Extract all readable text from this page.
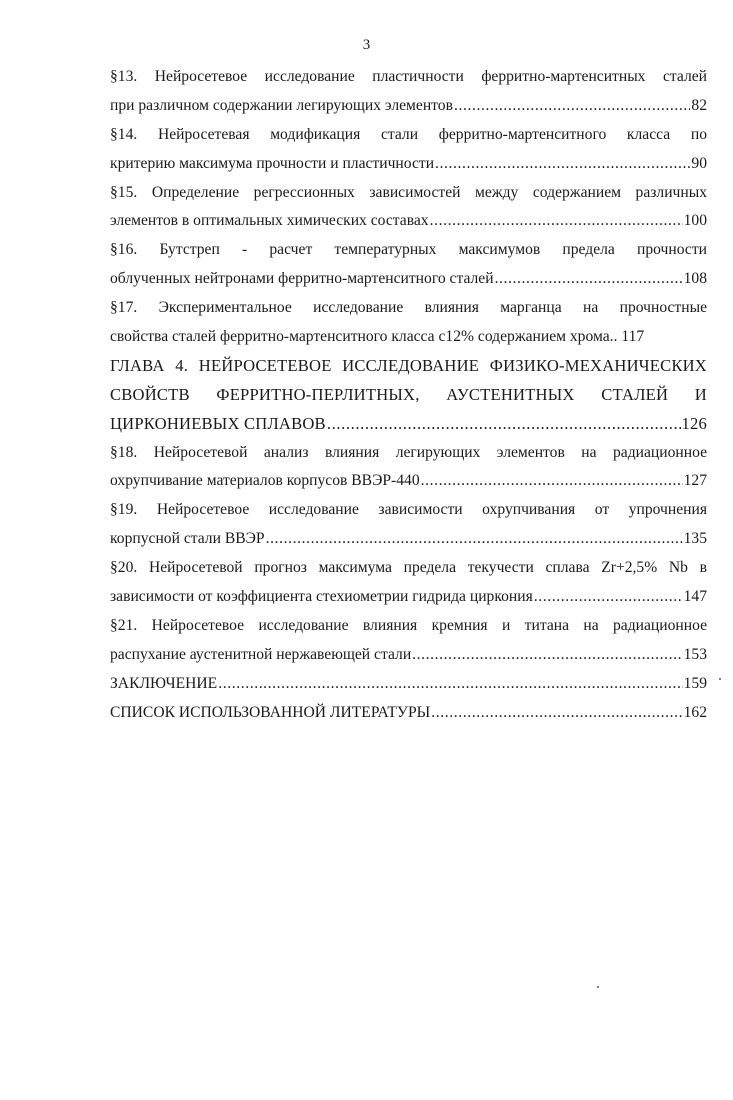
3
§13. Нейросетевое исследование пластичности ферритно-мартенситных сталей
при различном содержании легирующих элементов .....	82
§14. Нейросетевая модификация стали ферритно-мартенситного класса по
критерию максимума прочности и пластичности .....	90
§15. Определение регрессионных зависимостей между содержанием различных
элементов в оптимальных химических составах .....	100
§16. Бутстреп - расчет температурных максимумов предела прочности
облученных нейтронами ферритно-мартенситного сталей .....	108
§17. Экспериментальное исследование влияния марганца на прочностные
свойства сталей ферритно-мартенситного класса с12% содержанием хрома. . 117
ГЛАВА 4. НЕЙРОСЕТЕВОЕ ИССЛЕДОВАНИЕ ФИЗИКО-МЕХАНИЧЕСКИХ
СВОЙСТВ ФЕРРИТНО-ПЕРЛИТНЫХ, АУСТЕНИТНЫХ СТАЛЕЙ И
ЦИРКОНИЕВЫХ СПЛАВОВ .....	126
§18. Нейросетевой анализ влияния легирующих элементов на радиационное
охрупчивание материалов корпусов ВВЭР-440 .....	127
§19. Нейросетевое исследование зависимости охрупчивания от упрочнения
корпусной стали ВВЭР .....	135
§20. Нейросетевой прогноз максимума предела текучести сплава Zr+2,5% Nb в
зависимости от коэффициента стехиометрии гидрида циркония .....	147
§21. Нейросетевое исследование влияния кремния и титана на радиационное
распухание аустенитной нержавеющей стали .....	153
ЗАКЛЮЧЕНИЕ .....	159
СПИСОК ИСПОЛЬЗОВАННОЙ ЛИТЕРАТУРЫ .....	162
